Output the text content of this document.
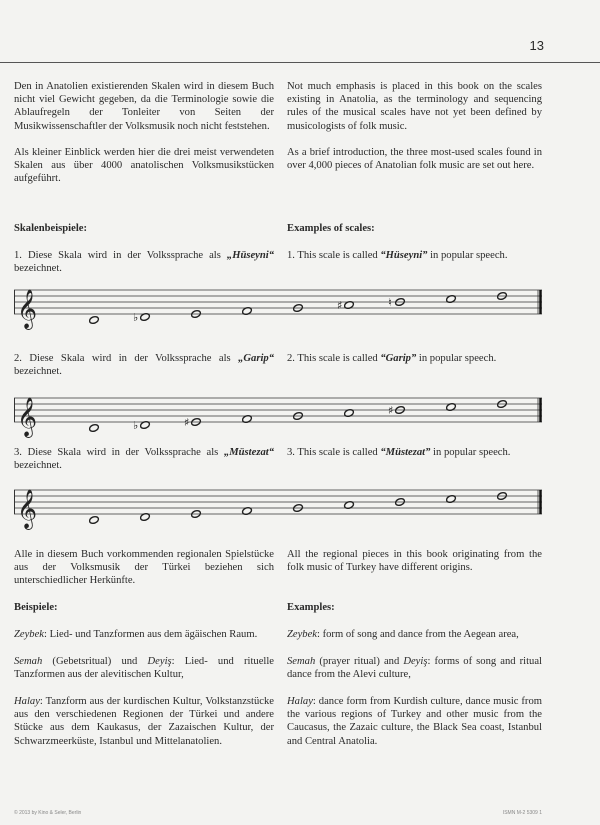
13

Den in Anatolien existierenden Skalen wird in diesem Buch nicht viel Gewicht gegeben, da die Terminologie sowie die Ablaufregeln der Tonleiter von Seiten der Musikwissenschaftler der Volksmusik noch nicht feststehen.

Als kleiner Einblick werden hier die drei meist verwendeten Skalen aus über 4000 anatolischen Volksmusikstücken aufgeführt.

Not much emphasis is placed in this book on the scales existing in Anatolia, as the terminology and sequencing rules of the musical scales have not yet been defined by musicologists of folk music.

As a brief introduction, the three most-used scales found in over 4,000 pieces of Anatolian folk music are set out here.

Skalenbeispiele:	Examples of scales:

1. Diese Skala wird in der Volkssprache als „Hüseyni“ bezeichnet.

1. This scale is called “Hüseyni” in popular speech.

𝄞	♭
♯	♮

2. Diese Skala wird in der Volkssprache als „Garip“ bezeichnet.

2. This scale is called “Garip” in popular speech.

𝄞	♭	♯
♯

3. Diese Skala wird in der Volkssprache als „Müstezat“ bezeichnet.

3. This scale is called “Müstezat” in popular speech.

𝄞

Alle in diesem Buch vorkommenden regionalen Spielstücke aus der Volksmusik der Türkei beziehen sich unterschiedlicher Herkünfte.

All the regional pieces in this book originating from the folk music of Turkey have different origins.

Beispiele:	Examples:

Zeybek: Lied- und Tanzformen aus dem ägäischen Raum.

Semah (Gebetsritual) und Deyiş: Lied- und rituelle Tanzformen aus der alevitischen Kultur,

Halay: Tanzform aus der kurdischen Kultur, Volkstanzstücke aus den verschiedenen Regionen der Türkei und andere Stücke aus dem Kaukasus, der Zazaischen Kultur, der Schwarzmeerküste, Istanbul und Mittelanatolien.

Zeybek: form of song and dance from the Aegean area,

Semah (prayer ritual) and Deyiş: forms of song and ritual dance from the Alevi culture,

Halay: dance form from Kurdish culture, dance music from the various regions of Turkey and other music from the Caucasus, the Zazaic culture, the Black Sea coast, Istanbul and Central Anatolia.

© 2013 by Kino & Seler, Berlin	ISMN M-2 5309 1
